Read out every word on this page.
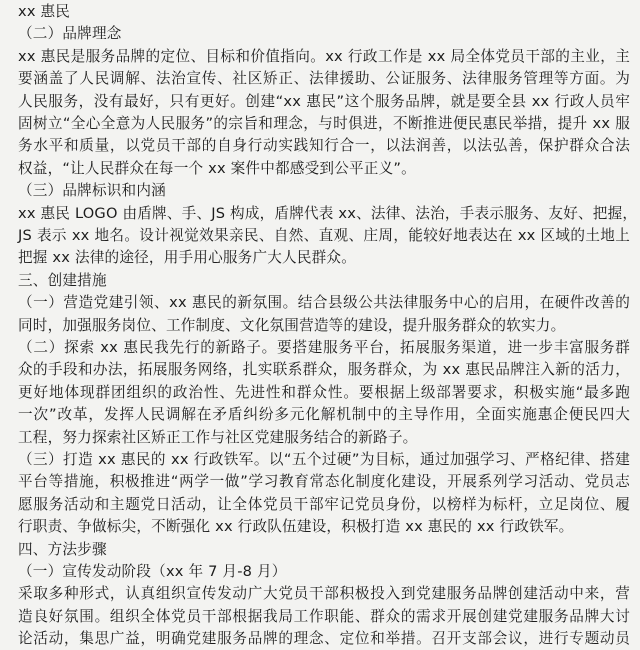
xx 惠民
（二）品牌理念
xx 惠民是服务品牌的定位、目标和价值指向。xx 行政工作是 xx 局全体党员干部的主业，主
要涵盖了人民调解、法治宣传、社区矫正、法律援助、公证服务、法律服务管理等方面。为
人民服务，没有最好，只有更好。创建“xx 惠民”这个服务品牌，就是要全县 xx 行政人员牢
固树立“全心全意为人民服务”的宗旨和理念，与时俱进，不断推进便民惠民举措，提升 xx 服
务水平和质量，以党员干部的自身行动实践知行合一，以法润善，以法弘善，保护群众合法
权益，“让人民群众在每一个 xx 案件中都感受到公平正义”。
（三）品牌标识和内涵
xx 惠民 LOGO 由盾牌、手、JS 构成，盾牌代表 xx、法律、法治，手表示服务、友好、把握，
JS 表示 xx 地名。设计视觉效果亲民、自然、直观、庄周，能较好地表达在 xx 区域的土地上
把握 xx 法律的途径，用手用心服务广大人民群众。
三、创建措施
（一）营造党建引领、xx 惠民的新氛围。结合县级公共法律服务中心的启用，在硬件改善的
同时，加强服务岗位、工作制度、文化氛围营造等的建设，提升服务群众的软实力。
（二）探索 xx 惠民我先行的新路子。要搭建服务平台，拓展服务渠道，进一步丰富服务群
众的手段和办法，拓展服务网络，扎实联系群众，服务群众，为 xx 惠民品牌注入新的活力，
更好地体现群团组织的政治性、先进性和群众性。要根据上级部署要求，积极实施“最多跑
一次”改革，发挥人民调解在矛盾纠纷多元化解机制中的主导作用，全面实施惠企便民四大
工程，努力探索社区矫正工作与社区党建服务结合的新路子。
（三）打造 xx 惠民的 xx 行政铁军。以“五个过硬”为目标，通过加强学习、严格纪律、搭建
平台等措施，积极推进“两学一做”学习教育常态化制度化建设，开展系列学习活动、党员志
愿服务活动和主题党日活动，让全体党员干部牢记党员身份，以榜样为标杆，立足岗位、履
行职责、争做标尖，不断强化 xx 行政队伍建设，积极打造 xx 惠民的 xx 行政铁军。
四、方法步骤
（一）宣传发动阶段（xx 年 7 月-8 月）
采取多种形式，认真组织宣传发动广大党员干部积极投入到党建服务品牌创建活动中来，营
造良好氛围。组织全体党员干部根据我局工作职能、群众的需求开展创建党建服务品牌大讨
论活动，集思广益，明确党建服务品牌的理念、定位和举措。召开支部会议，进行专题动员
